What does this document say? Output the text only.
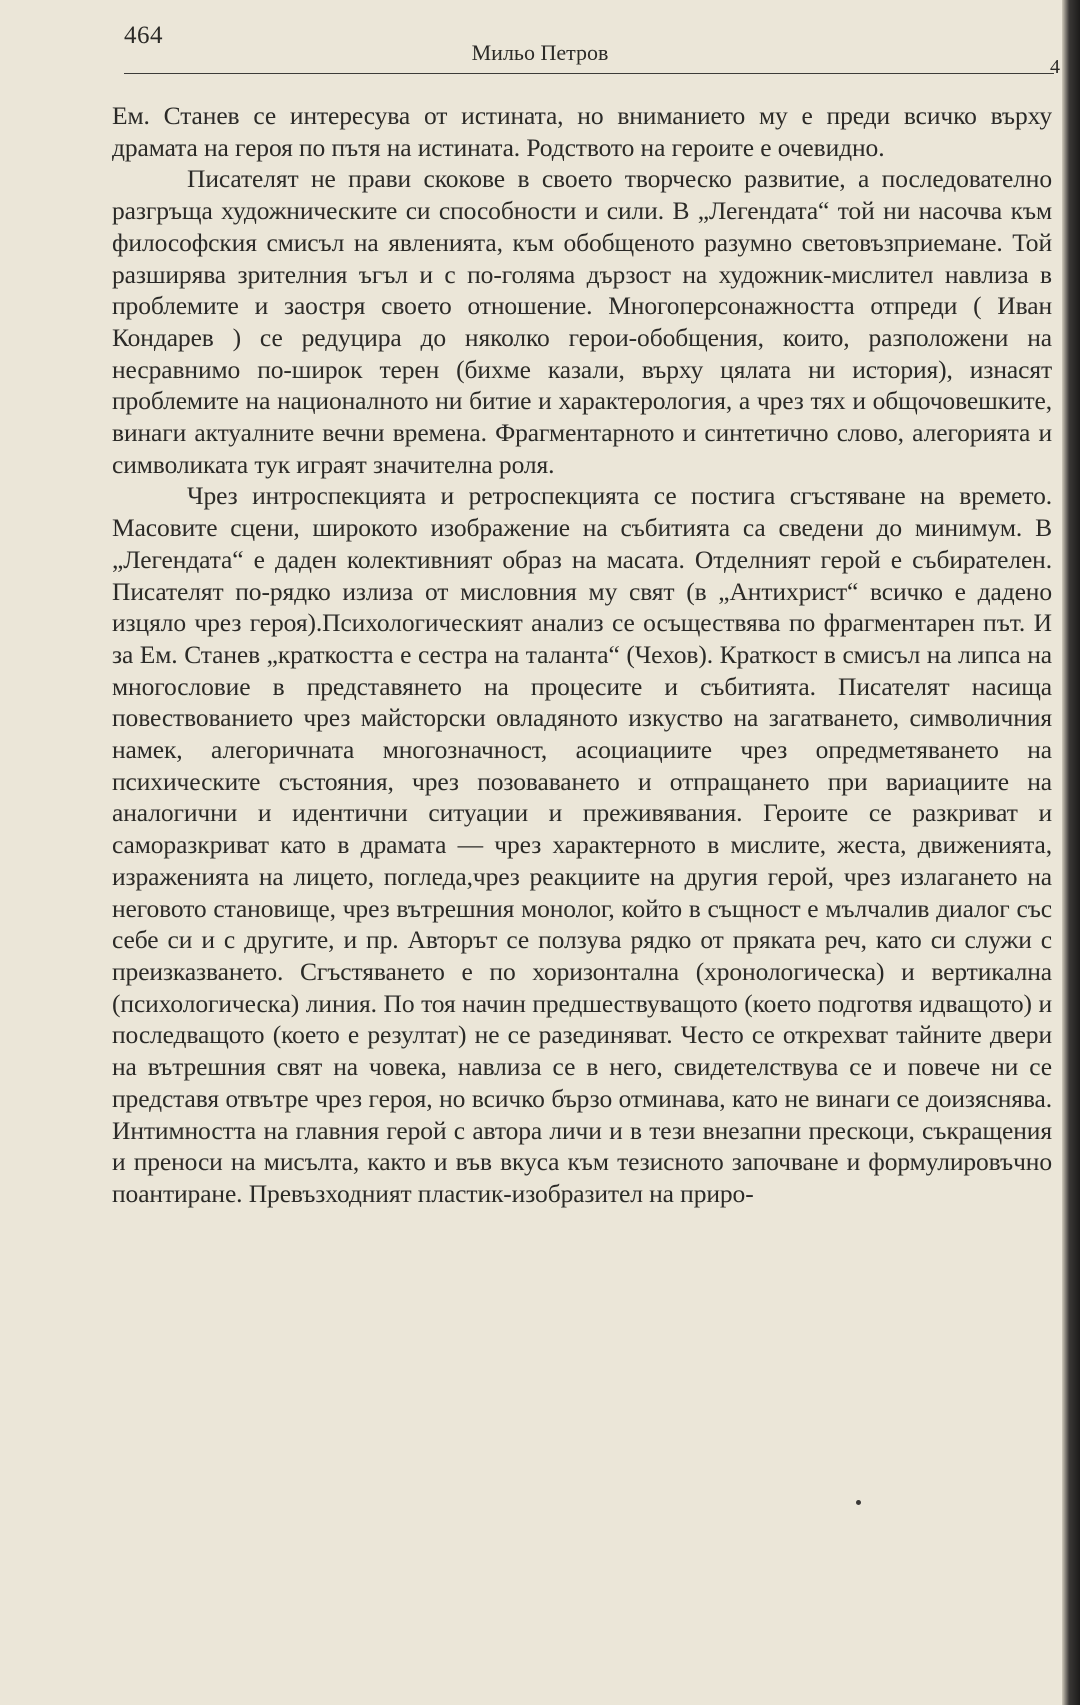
464
Мильо Петров
4

Ем. Станев се интересува от истината, но вниманието му е преди всичко върху драмата на героя по пътя на истината. Родството на героите е очевидно.

Писателят не прави скокове в своето творческо развитие, а последователно разгръща художническите си способности и сили. В „Легендата“ той ни насочва към философския смисъл на явленията, към обобщеното разумно световъзприемане. Той разширява зрителния ъгъл и с по-голяма дързост на художник-мислител навлиза в проблемите и заостря своето отношение. Многоперсонажността отпреди ( Иван Кондарев ) се редуцира до няколко герои-обобщения, които, разположени на несравнимо по-широк терен (бихме казали, върху цялата ни история), изнасят проблемите на националното ни битие и характерология, а чрез тях и общочовешките, винаги актуалните вечни времена. Фрагментарното и синтетично слово, алегорията и символиката тук играят значителна роля.

Чрез интроспекцията и ретроспекцията се постига сгъстяване на времето. Масовите сцени, широкото изображение на събитията са сведени до минимум. В „Легендата“ е даден колективният образ на масата. Отделният герой е събирателен. Писателят по-рядко излиза от мисловния му свят (в „Антихрист“ всичко е дадено изцяло чрез героя).Психологическият анализ се осъществява по фрагментарен път. И за Ем. Станев „краткостта е сестра на таланта“ (Чехов). Краткост в смисъл на липса на многословие в представянето на процесите и събитията. Писателят насища повествованието чрез майсторски овладяното изкуство на загатването, символичния намек, алегоричната многозначност, асоциациите чрез опредметяването на психическите състояния, чрез позоваването и отпращането при вариациите на аналогични и идентични ситуации и преживявания. Героите се разкриват и саморазкриват като в драмата — чрез характерното в мислите, жеста, движенията, израженията на лицето, погледа,чрез реакциите на другия герой, чрез излагането на неговото становище, чрез вътрешния монолог, който в същност е мълчалив диалог със себе си и с другите, и пр. Авторът се ползува рядко от пряката реч, като си служи с преизказването. Сгъстяването е по хоризонтална (хронологическа) и вертикална (психологическа) линия. По тоя начин предшествуващото (което подготвя идващото) и последващото (което е резултат) не се разединяват. Често се открехват тайните двери на вътрешния свят на човека, навлиза се в него, свидетелствува се и повече ни се представя отвътре чрез героя, но всичко бързо отминава, като не винаги се доизяснява. Интимността на главния герой с автора личи и в тези внезапни прескоци, съкращения и преноси на мисълта, както и във вкуса към тезисното започване и формулировъчно поантиране. Превъзходният пластик-изобразител на приро-
